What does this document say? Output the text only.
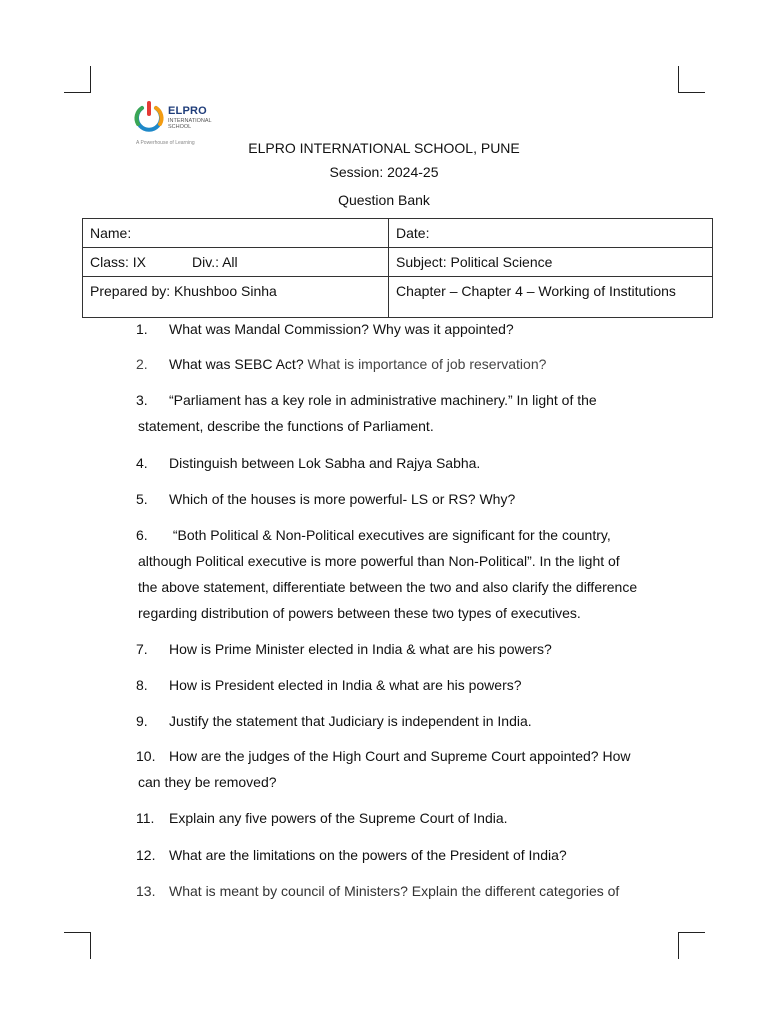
ELPRO
INTERNATIONAL
SCHOOL
A Powerhouse of Learning	ELPRO INTERNATIONAL SCHOOL, PUNE
Session: 2024-25
Question Bank
Name:	Date:

Class: IX Div.: All	Subject: Political Science

Prepared by: Khushboo Sinha	Chapter – Chapter 4 – Working of Institutions
1. What was Mandal Commission? Why was it appointed?
2. What was SEBC Act? What is importance of job reservation?
3. “Parliament has a key role in administrative machinery.” In light of the
statement, describe the functions of Parliament.
4. Distinguish between Lok Sabha and Rajya Sabha.
5. Which of the houses is more powerful- LS or RS? Why?
6. “Both Political & Non-Political executives are significant for the country,
although Political executive is more powerful than Non-Political”. In the light of
the above statement, differentiate between the two and also clarify the difference
regarding distribution of powers between these two types of executives.
7. How is Prime Minister elected in India & what are his powers?
8. How is President elected in India & what are his powers?
9. Justify the statement that Judiciary is independent in India.
10. How are the judges of the High Court and Supreme Court appointed? How
can they be removed?
11. Explain any five powers of the Supreme Court of India.
12. What are the limitations on the powers of the President of India?
13. What is meant by council of Ministers? Explain the different categories of
